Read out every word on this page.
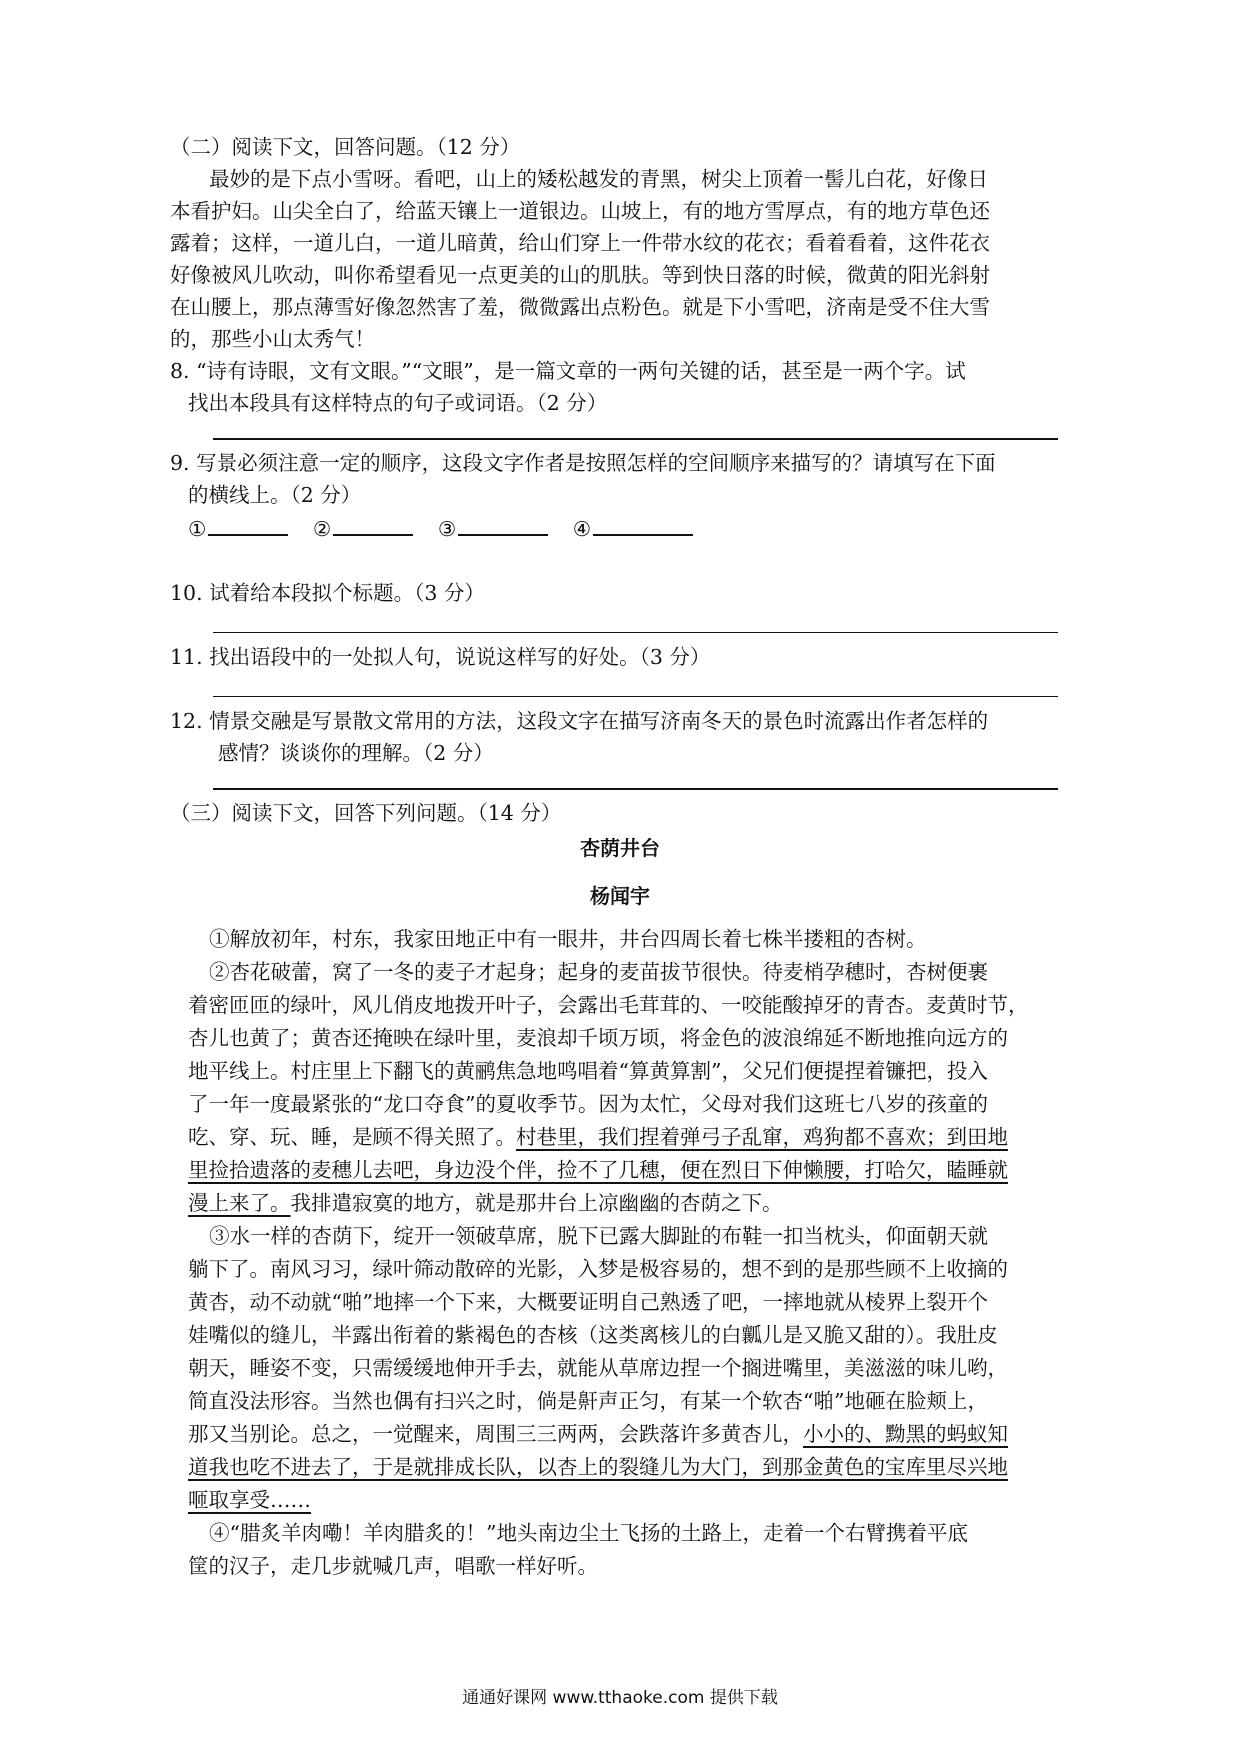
（二）阅读下文，回答问题。（12 分）
最妙的是下点小雪呀。看吧，山上的矮松越发的青黑，树尖上顶着一髻儿白花，好像日
本看护妇。山尖全白了，给蓝天镶上一道银边。山坡上，有的地方雪厚点，有的地方草色还
露着；这样，一道儿白，一道儿暗黄，给山们穿上一件带水纹的花衣；看着看着，这件花衣
好像被风儿吹动，叫你希望看见一点更美的山的肌肤。等到快日落的时候，微黄的阳光斜射
在山腰上，那点薄雪好像忽然害了羞，微微露出点粉色。就是下小雪吧，济南是受不住大雪
的，那些小山太秀气！
8. “诗有诗眼，文有文眼。”“文眼”，是一篇文章的一两句关键的话，甚至是一两个字。试
找出本段具有这样特点的句子或词语。（2 分）
9. 写景必须注意一定的顺序，这段文字作者是按照怎样的空间顺序来描写的？请填写在下面
的横线上。（2 分）
①	②	③	④
10. 试着给本段拟个标题。（3 分）
11. 找出语段中的一处拟人句，说说这样写的好处。（3 分）
12. 情景交融是写景散文常用的方法，这段文字在描写济南冬天的景色时流露出作者怎样的
感情？谈谈你的理解。（2 分）
（三）阅读下文，回答下列问题。（14 分）
杏荫井台
杨闻宇
①解放初年，村东，我家田地正中有一眼井，井台四周长着七株半搂粗的杏树。
②杏花破蕾，窝了一冬的麦子才起身；起身的麦苗拔节很快。待麦梢孕穗时，杏树便裹
着密匝匝的绿叶，风儿俏皮地拨开叶子，会露出毛茸茸的、一咬能酸掉牙的青杏。麦黄时节，
杏儿也黄了；黄杏还掩映在绿叶里，麦浪却千顷万顷，将金色的波浪绵延不断地推向远方的
地平线上。村庄里上下翻飞的黄鹂焦急地鸣唱着“算黄算割”，父兄们便提捏着镰把，投入
了一年一度最紧张的“龙口夺食”的夏收季节。因为太忙，父母对我们这班七八岁的孩童的
吃、穿、玩、睡，是顾不得关照了。村巷里，我们捏着弹弓子乱窜，鸡狗都不喜欢；到田地
里捡拾遗落的麦穗儿去吧，身边没个伴，捡不了几穗，便在烈日下伸懒腰，打哈欠，瞌睡就
漫上来了。我排遣寂寞的地方，就是那井台上凉幽幽的杏荫之下。
③水一样的杏荫下，绽开一领破草席，脱下已露大脚趾的布鞋一扣当枕头，仰面朝天就
躺下了。南风习习，绿叶筛动散碎的光影，入梦是极容易的，想不到的是那些顾不上收摘的
黄杏，动不动就“啪”地摔一个下来，大概要证明自己熟透了吧，一摔地就从棱界上裂开个
娃嘴似的缝儿，半露出衔着的紫褐色的杏核（这类离核儿的白瓤儿是又脆又甜的）。我肚皮
朝天，睡姿不变，只需缓缓地伸开手去，就能从草席边捏一个搁进嘴里，美滋滋的味儿哟，
简直没法形容。当然也偶有扫兴之时，倘是鼾声正匀，有某一个软杏“啪”地砸在脸颊上，
那又当别论。总之，一觉醒来，周围三三两两，会跌落许多黄杏儿，小小的、黝黑的蚂蚁知
道我也吃不进去了，于是就排成长队，以杏上的裂缝儿为大门，到那金黄色的宝库里尽兴地
咂取享受……
④“腊炙羊肉嘞！羊肉腊炙的！”地头南边尘土飞扬的土路上，走着一个右臂携着平底
筐的汉子，走几步就喊几声，唱歌一样好听。
通通好课网 www.tthaoke.com 提供下载
